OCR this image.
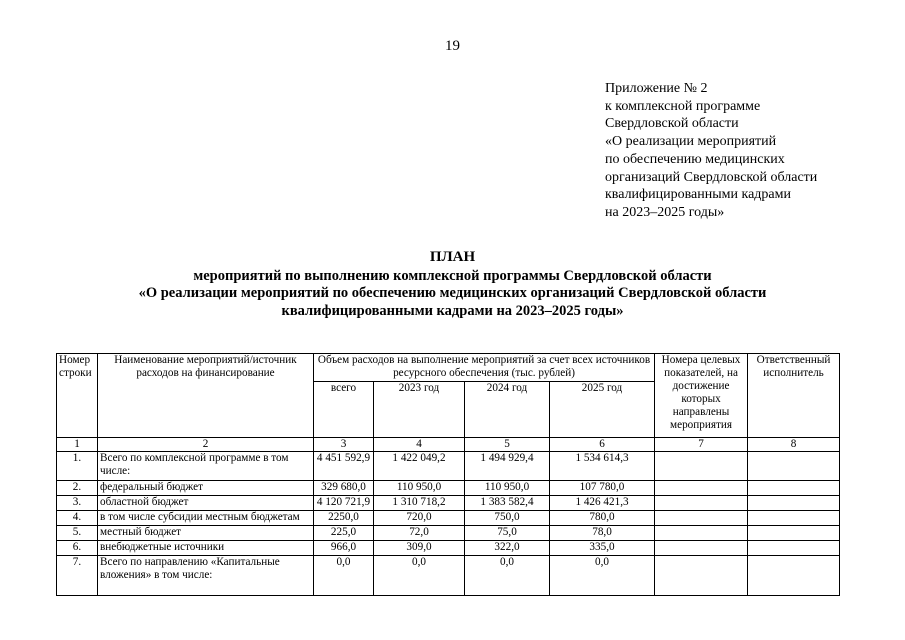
19
Приложение № 2
к комплексной программе
Свердловской области
«О реализации мероприятий
по обеспечению медицинских
организаций Свердловской области
квалифицированными кадрами
на 2023–2025 годы»
ПЛАН
мероприятий по выполнению комплексной программы Свердловской области
«О реализации мероприятий по обеспечению медицинских организаций Свердловской области
квалифицированными кадрами на 2023–2025 годы»
Номер строки	Наименование мероприятий/источник расходов на финансирование	Объем расходов на выполнение мероприятий за счет всех источников ресурсного обеспечения (тыс. рублей)				Номера целевых показателей, на достижение которых направлены мероприятия	Ответственный исполнитель
		всего	2023 год	2024 год	2025 год		
1	2	3	4	5	6	7	8
1.	Всего по комплексной программе в том числе:	4 451 592,9	1 422 049,2	1 494 929,4	1 534 614,3		
2.	федеральный бюджет	329 680,0	110 950,0	110 950,0	107 780,0		
3.	областной бюджет	4 120 721,9	1 310 718,2	1 383 582,4	1 426 421,3		
4.	в том числе субсидии местным бюджетам	2250,0	720,0	750,0	780,0		
5.	местный бюджет	225,0	72,0	75,0	78,0		
6.	внебюджетные источники	966,0	309,0	322,0	335,0		
7.	Всего по направлению «Капитальные вложения» в том числе:	0,0	0,0	0,0	0,0		
